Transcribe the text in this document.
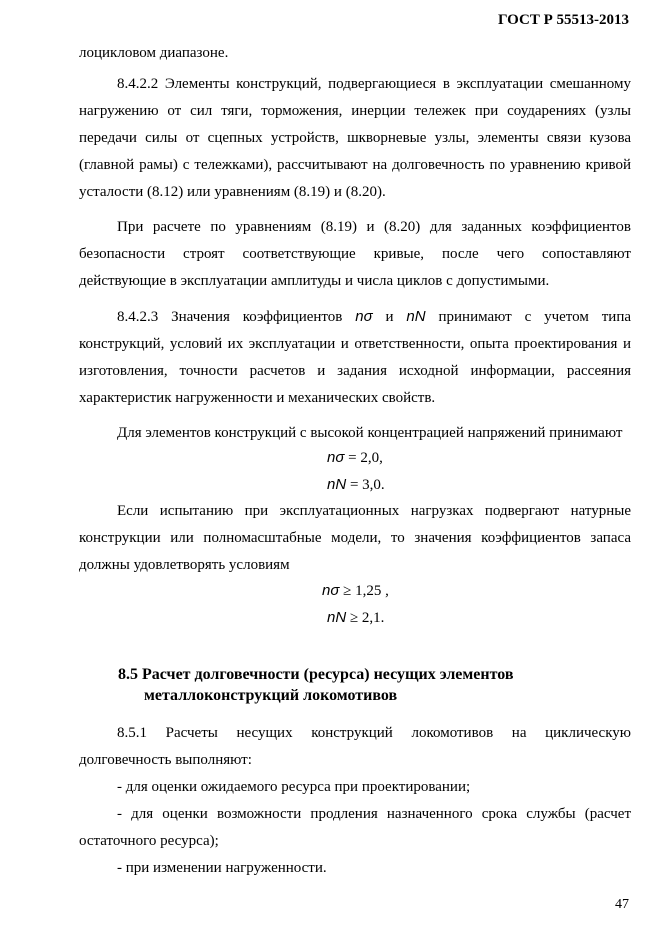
ГОСТ Р 55513-2013

лоцикловом диапазоне.

8.4.2.2 Элементы конструкций, подвергающиеся в эксплуатации смешанному нагружению от сил тяги, торможения, инерции тележек при соударениях (узлы передачи силы от сцепных устройств, шкворневые узлы, элементы связи кузова (главной рамы) с тележками), рассчитывают на долговечность по уравнению кривой усталости (8.12) или уравнениям (8.19) и (8.20).

При расчете по уравнениям (8.19) и (8.20) для заданных коэффициентов безопасности строят соответствующие кривые, после чего сопоставляют действующие в эксплуатации амплитуды и числа циклов с допустимыми.

8.4.2.3 Значения коэффициентов nσ и nN принимают с учетом типа конструкций, условий их эксплуатации и ответственности, опыта проектирования и изготовления, точности расчетов и задания исходной информации, рассеяния характеристик нагруженности и механических свойств.

Для элементов конструкций с высокой концентрацией напряжений принимают

nσ = 2,0,
nN = 3,0.

Если испытанию при эксплуатационных нагрузках подвергают натурные конструкции или полномасштабные модели, то значения коэффициентов запаса должны удовлетворять условиям

nσ ≥ 1,25 ,
nN ≥ 2,1.
8.5 Расчет долговечности (ресурса) несущих элементов
металлоконструкций локомотивов

8.5.1 Расчеты несущих конструкций локомотивов на циклическую долговечность выполняют:

- для оценки ожидаемого ресурса при проектировании;

- для оценки возможности продления назначенного срока службы (расчет остаточного ресурса);

- при изменении нагруженности.

47
